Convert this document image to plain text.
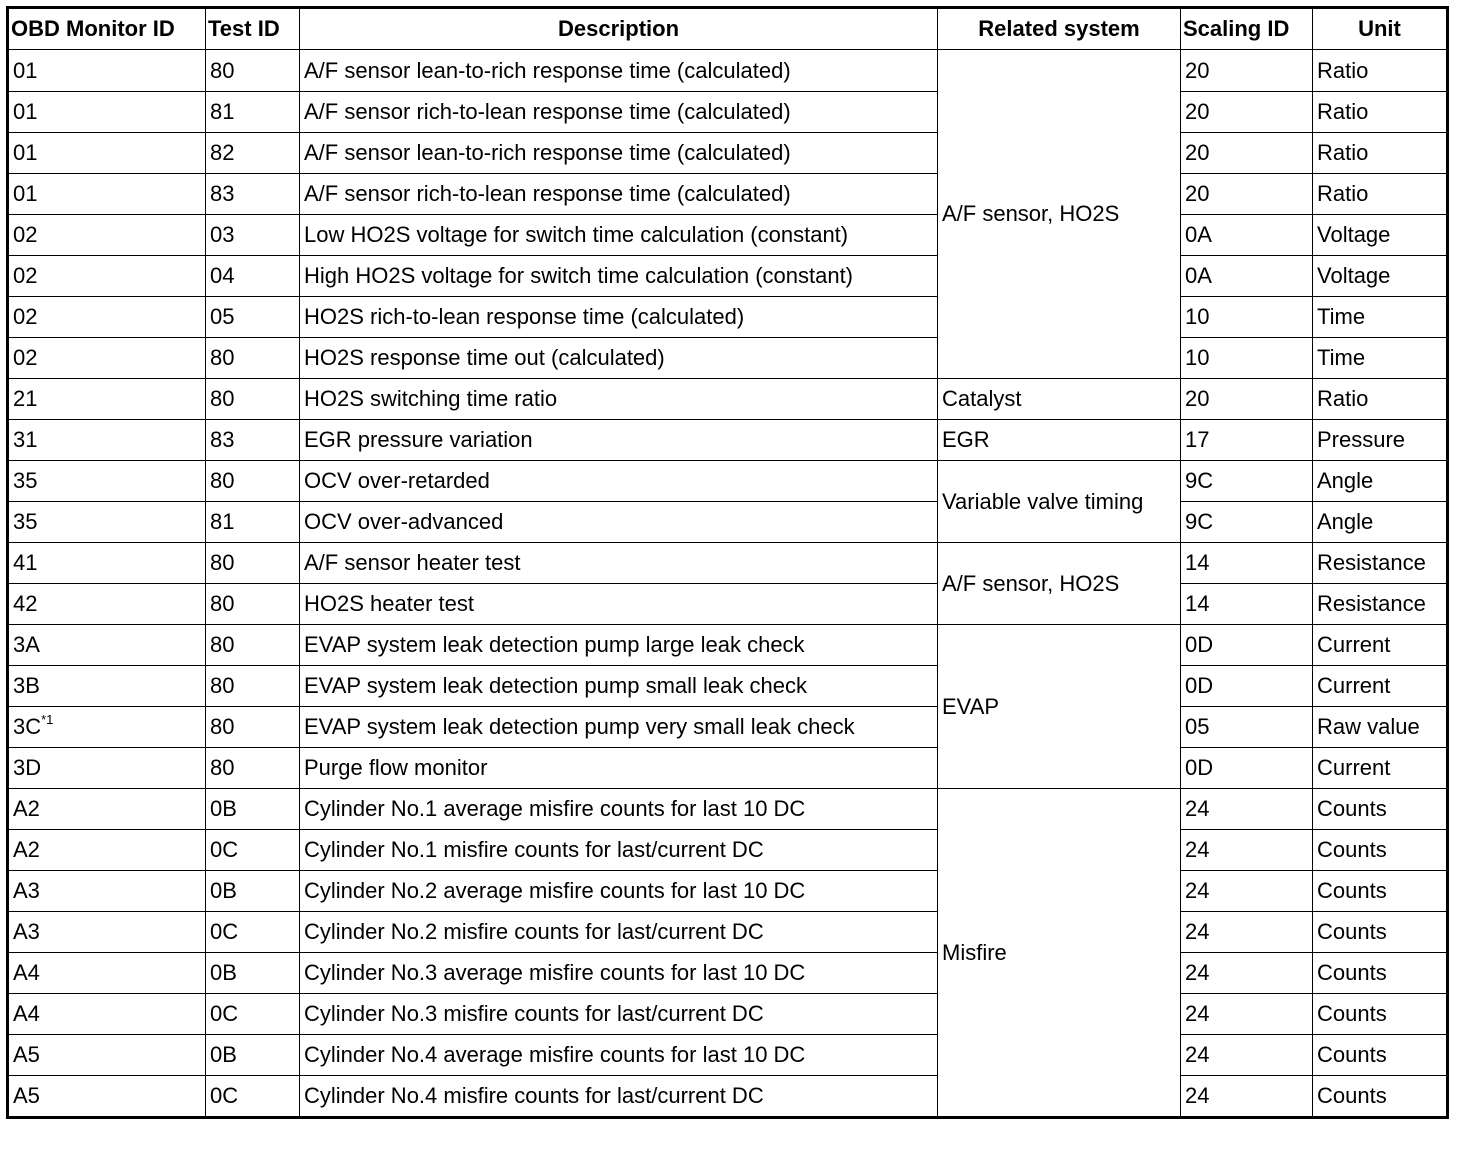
OBD Monitor ID	Test ID	Description	Related system	Scaling ID	Unit
01	80	A/F sensor lean-to-rich response time (calculated)	A/F sensor, HO2S	20	Ratio
01	81	A/F sensor rich-to-lean response time (calculated)		20	Ratio
01	82	A/F sensor lean-to-rich response time (calculated)		20	Ratio
01	83	A/F sensor rich-to-lean response time (calculated)		20	Ratio
02	03	Low HO2S voltage for switch time calculation (constant)		0A	Voltage
02	04	High HO2S voltage for switch time calculation (constant)		0A	Voltage
02	05	HO2S rich-to-lean response time (calculated)		10	Time
02	80	HO2S response time out (calculated)		10	Time
21	80	HO2S switching time ratio	Catalyst	20	Ratio
31	83	EGR pressure variation	EGR	17	Pressure
35	80	OCV over-retarded	Variable valve timing	9C	Angle
35	81	OCV over-advanced		9C	Angle
41	80	A/F sensor heater test	A/F sensor, HO2S	14	Resistance
42	80	HO2S heater test		14	Resistance
3A	80	EVAP system leak detection pump large leak check	EVAP	0D	Current
3B	80	EVAP system leak detection pump small leak check		0D	Current
3C$^{*1}$	80	EVAP system leak detection pump very small leak check		05	Raw value
3D	80	Purge flow monitor		0D	Current
A2	0B	Cylinder No.1 average misfire counts for last 10 DC	Misfire	24	Counts
A2	0C	Cylinder No.1 misfire counts for last/current DC		24	Counts
A3	0B	Cylinder No.2 average misfire counts for last 10 DC		24	Counts
A3	0C	Cylinder No.2 misfire counts for last/current DC		24	Counts
A4	0B	Cylinder No.3 average misfire counts for last 10 DC		24	Counts
A4	0C	Cylinder No.3 misfire counts for last/current DC		24	Counts
A5	0B	Cylinder No.4 average misfire counts for last 10 DC		24	Counts
A5	0C	Cylinder No.4 misfire counts for last/current DC		24	Counts
